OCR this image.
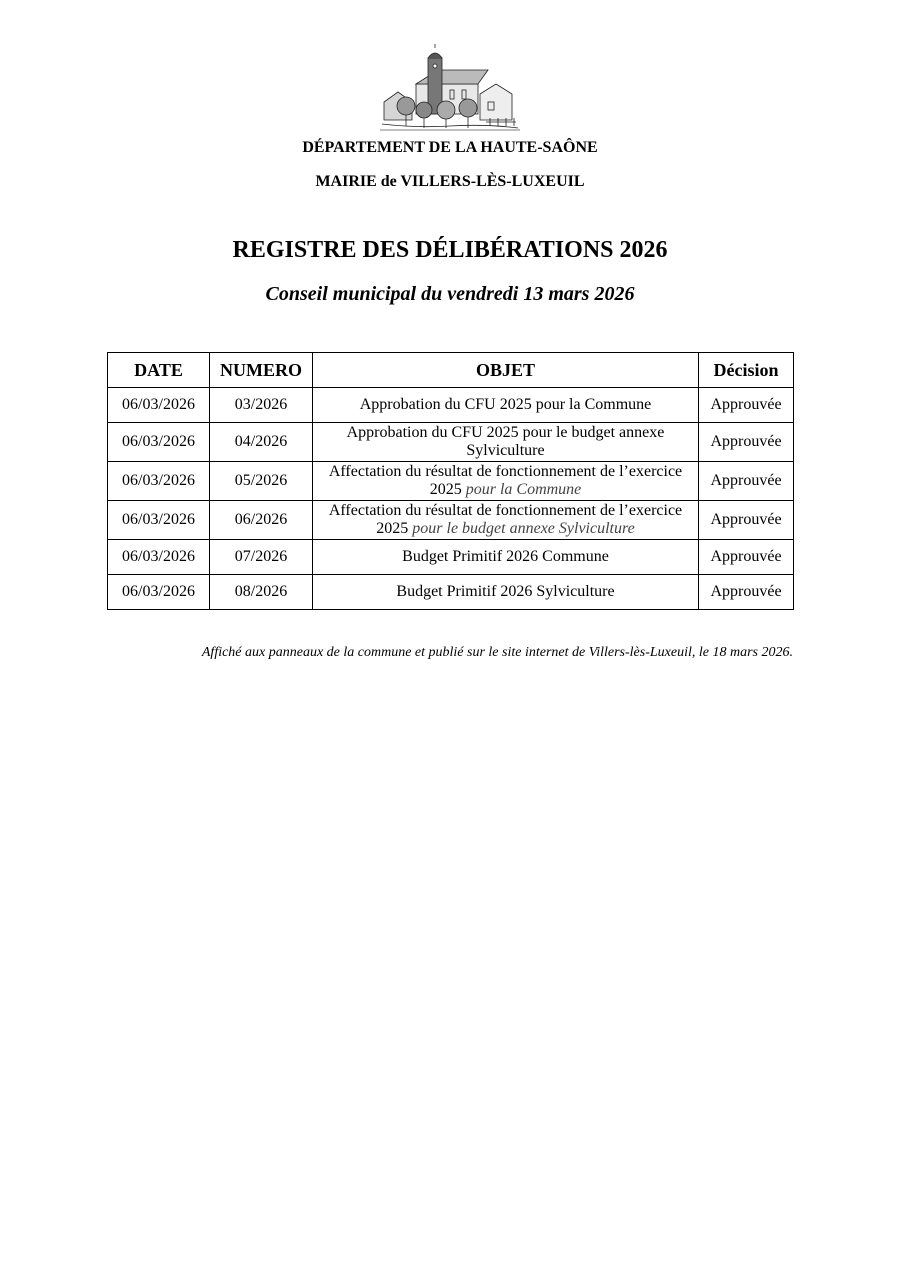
DÉPARTEMENT DE LA HAUTE-SAÔNE
MAIRIE de VILLERS-LÈS-LUXEUIL
REGISTRE DES DÉLIBÉRATIONS 2026
Conseil municipal du vendredi 13 mars 2026
DATE	NUMERO	OBJET	Décision
06/03/2026	03/2026	Approbation du CFU 2025 pour la Commune	Approuvée
06/03/2026	04/2026	Approbation du CFU 2025 pour le budget annexe Sylviculture	Approuvée
06/03/2026	05/2026	Affectation du résultat de fonctionnement de l’exercice 2025 pour la Commune	Approuvée
06/03/2026	06/2026	Affectation du résultat de fonctionnement de l’exercice 2025 pour le budget annexe Sylviculture	Approuvée
06/03/2026	07/2026	Budget Primitif 2026 Commune	Approuvée
06/03/2026	08/2026	Budget Primitif 2026 Sylviculture	Approuvée
Affiché aux panneaux de la commune et publié sur le site internet de Villers-lès-Luxeuil, le 18 mars 2026.
